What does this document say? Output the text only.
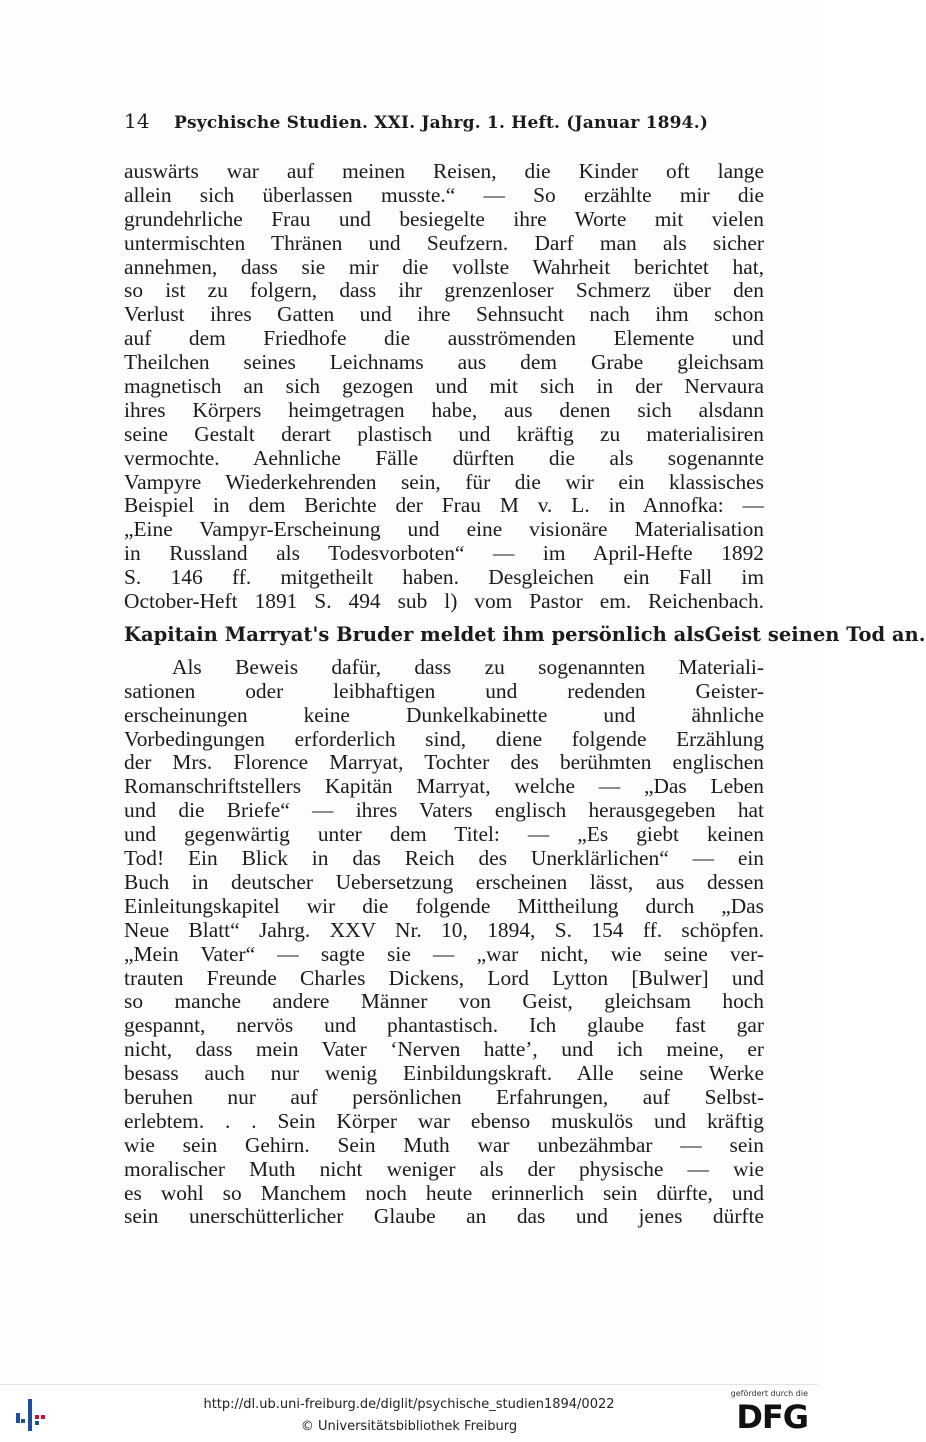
14 Psychische Studien. XXI. Jahrg. 1. Heft. (Januar 1894.)
auswärts war auf meinen Reisen, die Kinder oft lange
allein sich überlassen musste.“ — So erzählte mir die
grundehrliche Frau und besiegelte ihre Worte mit vielen
untermischten Thränen und Seufzern. Darf man als sicher
annehmen, dass sie mir die vollste Wahrheit berichtet hat,
so ist zu folgern, dass ihr grenzenloser Schmerz über den
Verlust ihres Gatten und ihre Sehnsucht nach ihm schon
auf dem Friedhofe die ausströmenden Elemente und
Theilchen seines Leichnams aus dem Grabe gleichsam
magnetisch an sich gezogen und mit sich in der Nervaura
ihres Körpers heimgetragen habe, aus denen sich alsdann
seine Gestalt derart plastisch und kräftig zu materialisiren
vermochte. Aehnliche Fälle dürften die als sogenannte
Vampyre Wiederkehrenden sein, für die wir ein klassisches
Beispiel in dem Berichte der Frau M v. L. in Annofka: —
„Eine Vampyr-Erscheinung und eine visionäre Materialisation
in Russland als Todesvorboten“ — im April-Hefte 1892
S. 146 ff. mitgetheilt haben. Desgleichen ein Fall im
October-Heft 1891 S. 494 sub l) vom Pastor em. Reichenbach.
Kapitain Marryat's Bruder meldet ihm persönlich alsGeist seinen Tod an.
Als Beweis dafür, dass zu sogenannten Materiali-
sationen oder leibhaftigen und redenden Geister-
erscheinungen keine Dunkelkabinette und ähnliche
Vorbedingungen erforderlich sind, diene folgende Erzählung
der Mrs. Florence Marryat, Tochter des berühmten englischen
Romanschriftstellers Kapitän Marryat, welche — „Das Leben
und die Briefe“ — ihres Vaters englisch herausgegeben hat
und gegenwärtig unter dem Titel: — „Es giebt keinen
Tod! Ein Blick in das Reich des Unerklärlichen“ — ein
Buch in deutscher Uebersetzung erscheinen lässt, aus dessen
Einleitungskapitel wir die folgende Mittheilung durch „Das
Neue Blatt“ Jahrg. XXV Nr. 10, 1894, S. 154 ff. schöpfen.
„Mein Vater“ — sagte sie — „war nicht, wie seine ver-
trauten Freunde Charles Dickens, Lord Lytton [Bulwer] und
so manche andere Männer von Geist, gleichsam hoch
gespannt, nervös und phantastisch. Ich glaube fast gar
nicht, dass mein Vater ‘Nerven hatte’, und ich meine, er
besass auch nur wenig Einbildungskraft. Alle seine Werke
beruhen nur auf persönlichen Erfahrungen, auf Selbst-
erlebtem. . . Sein Körper war ebenso muskulös und kräftig
wie sein Gehirn. Sein Muth war unbezähmbar — sein
moralischer Muth nicht weniger als der physische — wie
es wohl so Manchem noch heute erinnerlich sein dürfte, und
sein unerschütterlicher Glaube an das und jenes dürfte
http://dl.ub.uni-freiburg.de/diglit/psychische_studien1894/0022
© Universitätsbibliothek Freiburg
gefördert durch die
DFG
